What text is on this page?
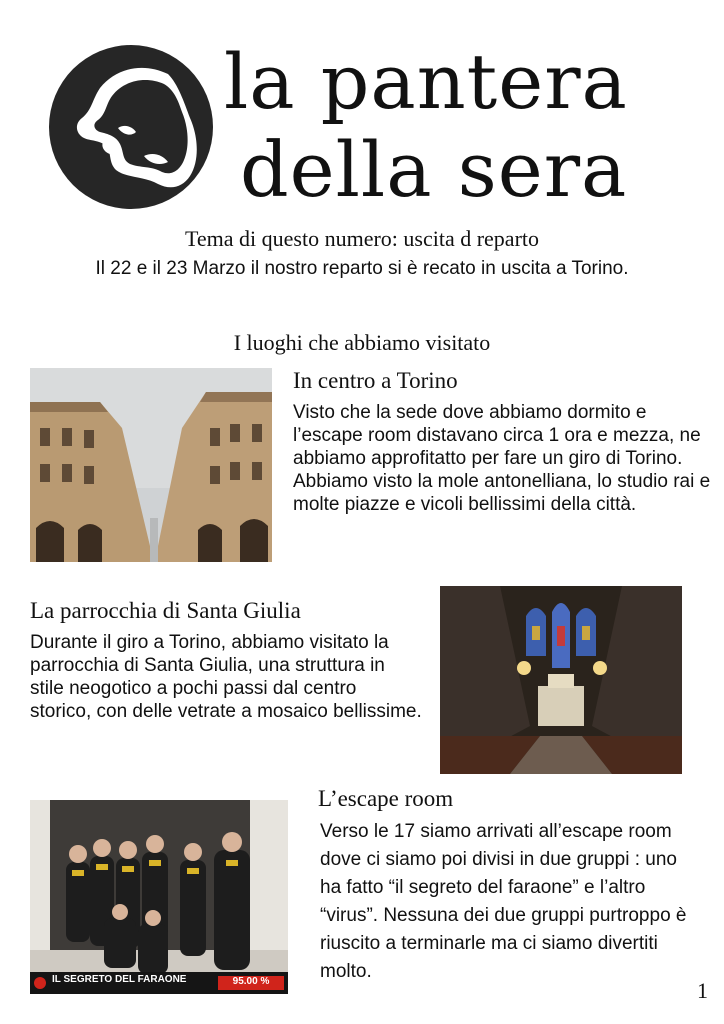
la pantera
della sera
Tema di questo numero: uscita d reparto
Il 22 e il 23 Marzo il nostro reparto si è recato in uscita a Torino.
I luoghi che abbiamo visitato
In centro a Torino
Visto che la sede dove abbiamo dormito e l’escape room distavano circa 1 ora e mezza, ne abbiamo approfitatto per fare un giro di Torino. Abbiamo visto la mole antonelliana, lo studio rai e molte piazze e vicoli bellissimi della città.
La parrocchia di Santa Giulia
Durante il giro a Torino, abbiamo visitato la parrocchia di Santa Giulia, una struttura in stile neogotico a pochi passi dal centro storico, con delle vetrate a mosaico bellissime.
IL SEGRETO DEL FARAONE	95.00 %
L’escape room
Verso le 17 siamo arrivati all’escape room dove ci siamo poi divisi in due gruppi : uno ha fatto “il segreto del faraone” e l’altro “virus”. Nessuna dei due gruppi purtroppo è riuscito a terminarle ma ci siamo divertiti molto.
1
